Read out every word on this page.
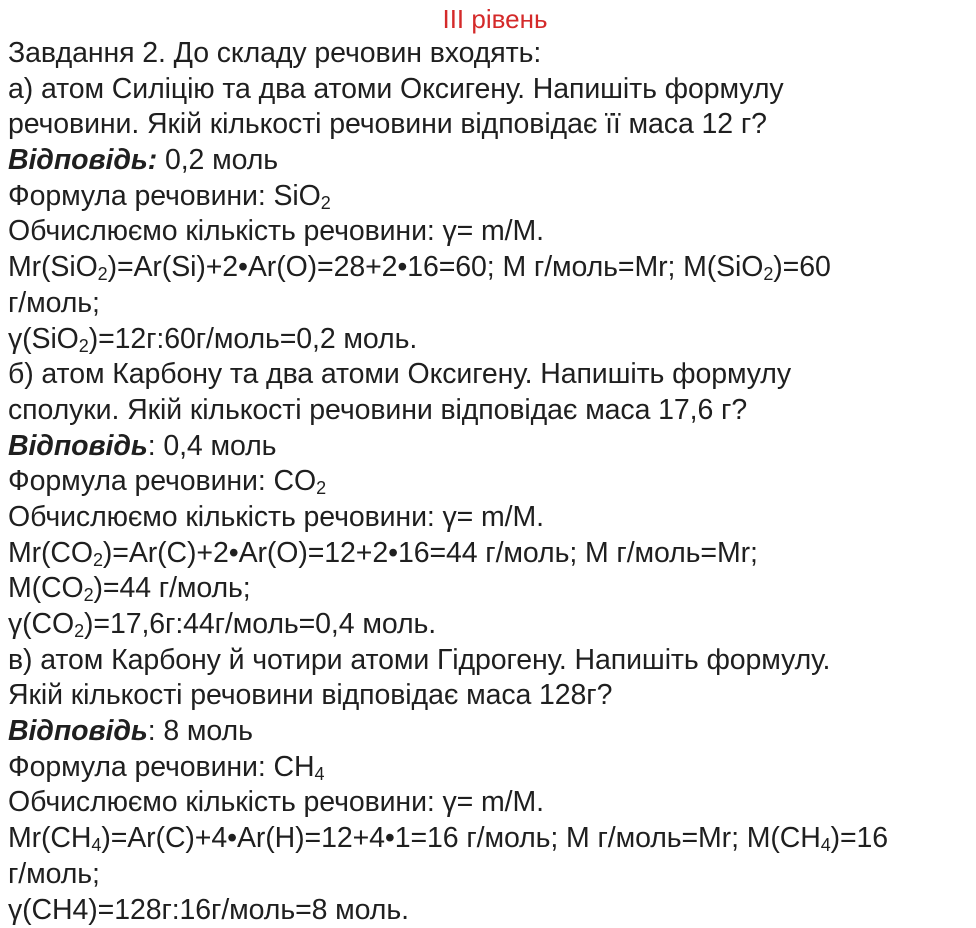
ІІІ рівень
Завдання 2. До складу речовин входять:
а) атом Силіцію та два атоми Оксигену. Напишіть формулу
речовини. Якій кількості речовини відповідає її маса 12 г?
Відповідь: 0,2 моль
Формула речовини: SiO$_2$
Обчислюємо кількість речовини: γ= m/M.
Mr(SiO$_2$)=Ar(Si)+2•Ar(O)=28+2•16=60; М г/моль=Mr; M(SiO$_2$)=60
г/моль;
γ(SiO$_2$)=12г:60г/моль=0,2 моль.
б) атом Карбону та два атоми Оксигену. Напишіть формулу
сполуки. Якій кількості речовини відповідає маса 17,6 г?
Відповідь: 0,4 моль
Формула речовини: $CO_2$
Обчислюємо кількість речовини: γ= m/M.
$Mr(CO_2)=Ar(C)+2•Ar(O)=12+2•16=44$ г/моль; М г/моль=Mr;
$M(CO_2)=44$ г/моль;
$\gamma(CO_2)=17,6г:44г/моль=0,4$ моль.
в) атом Карбону й чотири атоми Гідрогену. Напишіть формулу.
Якій кількості речовини відповідає маса 128г?
Відповідь: 8 моль
Формула речовини: $CH_4$
Обчислюємо кількість речовини: γ= m/M.
$Mr(CH_4)=Ar(C)+4•Ar(H)=12+4•1=16$ г/моль; М г/моль=Mr; $M(CH_4)=16$
г/моль;
γ(CH4)=128г:16г/моль=8 моль.
